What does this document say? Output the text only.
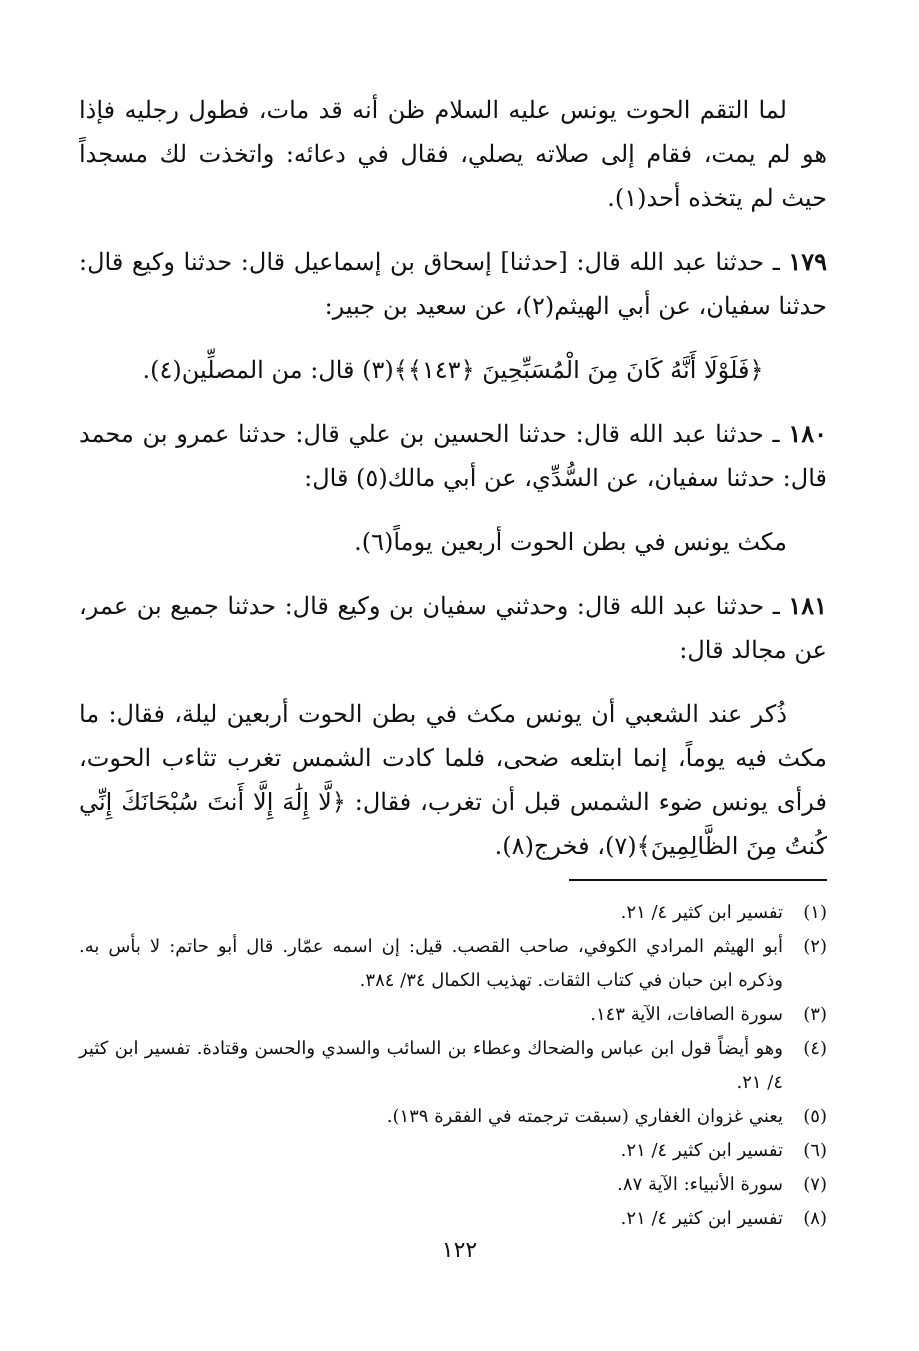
لما التقم الحوت يونس عليه السلام ظن أنه قد مات، فطول رجليه فإذا هو لم يمت، فقام إلى صلاته يصلي، فقال في دعائه: واتخذت لك مسجداً حيث لم يتخذه أحد(١).

١٧٩ ـ حدثنا عبد الله قال: [حدثنا] إسحاق بن إسماعيل قال: حدثنا وكيع قال: حدثنا سفيان، عن أبي الهيثم(٢)، عن سعيد بن جبير:

﴿فَلَوْلَا أَنَّهُ كَانَ مِنَ الْمُسَبِّحِينَ ﴿١٤٣﴾﴾(٣) قال: من المصلِّين(٤).

١٨٠ ـ حدثنا عبد الله قال: حدثنا الحسين بن علي قال: حدثنا عمرو بن محمد قال: حدثنا سفيان، عن السُّدِّي، عن أبي مالك(٥) قال:

مكث يونس في بطن الحوت أربعين يوماً(٦).

١٨١ ـ حدثنا عبد الله قال: وحدثني سفيان بن وكيع قال: حدثنا جميع بن عمر، عن مجالد قال:

ذُكر عند الشعبي أن يونس مكث في بطن الحوت أربعين ليلة، فقال: ما مكث فيه يوماً، إنما ابتلعه ضحى، فلما كادت الشمس تغرب تثاءب الحوت، فرأى يونس ضوء الشمس قبل أن تغرب، فقال: ﴿لَّا إِلَٰهَ إِلَّا أَنتَ سُبْحَانَكَ إِنِّي كُنتُ مِنَ الظَّالِمِينَ﴾(٧)، فخرج(٨).

(١)
تفسير ابن كثير ٤/ ٢١.
(٢)
أبو الهيثم المرادي الكوفي، صاحب القصب. قيل: إن اسمه عمّار. قال أبو حاتم: لا بأس به. وذكره ابن حبان في كتاب الثقات. تهذيب الكمال ٣٤/ ٣٨٤.
(٣)
سورة الصافات، الآية ١٤٣.
(٤)
وهو أيضاً قول ابن عباس والضحاك وعطاء بن السائب والسدي والحسن وقتادة. تفسير ابن كثير ٤/ ٢١.
(٥)
يعني غزوان الغفاري (سبقت ترجمته في الفقرة ١٣٩).
(٦)
تفسير ابن كثير ٤/ ٢١.
(٧)
سورة الأنبياء: الآية ٨٧.
(٨)
تفسير ابن كثير ٤/ ٢١.
١٢٢
